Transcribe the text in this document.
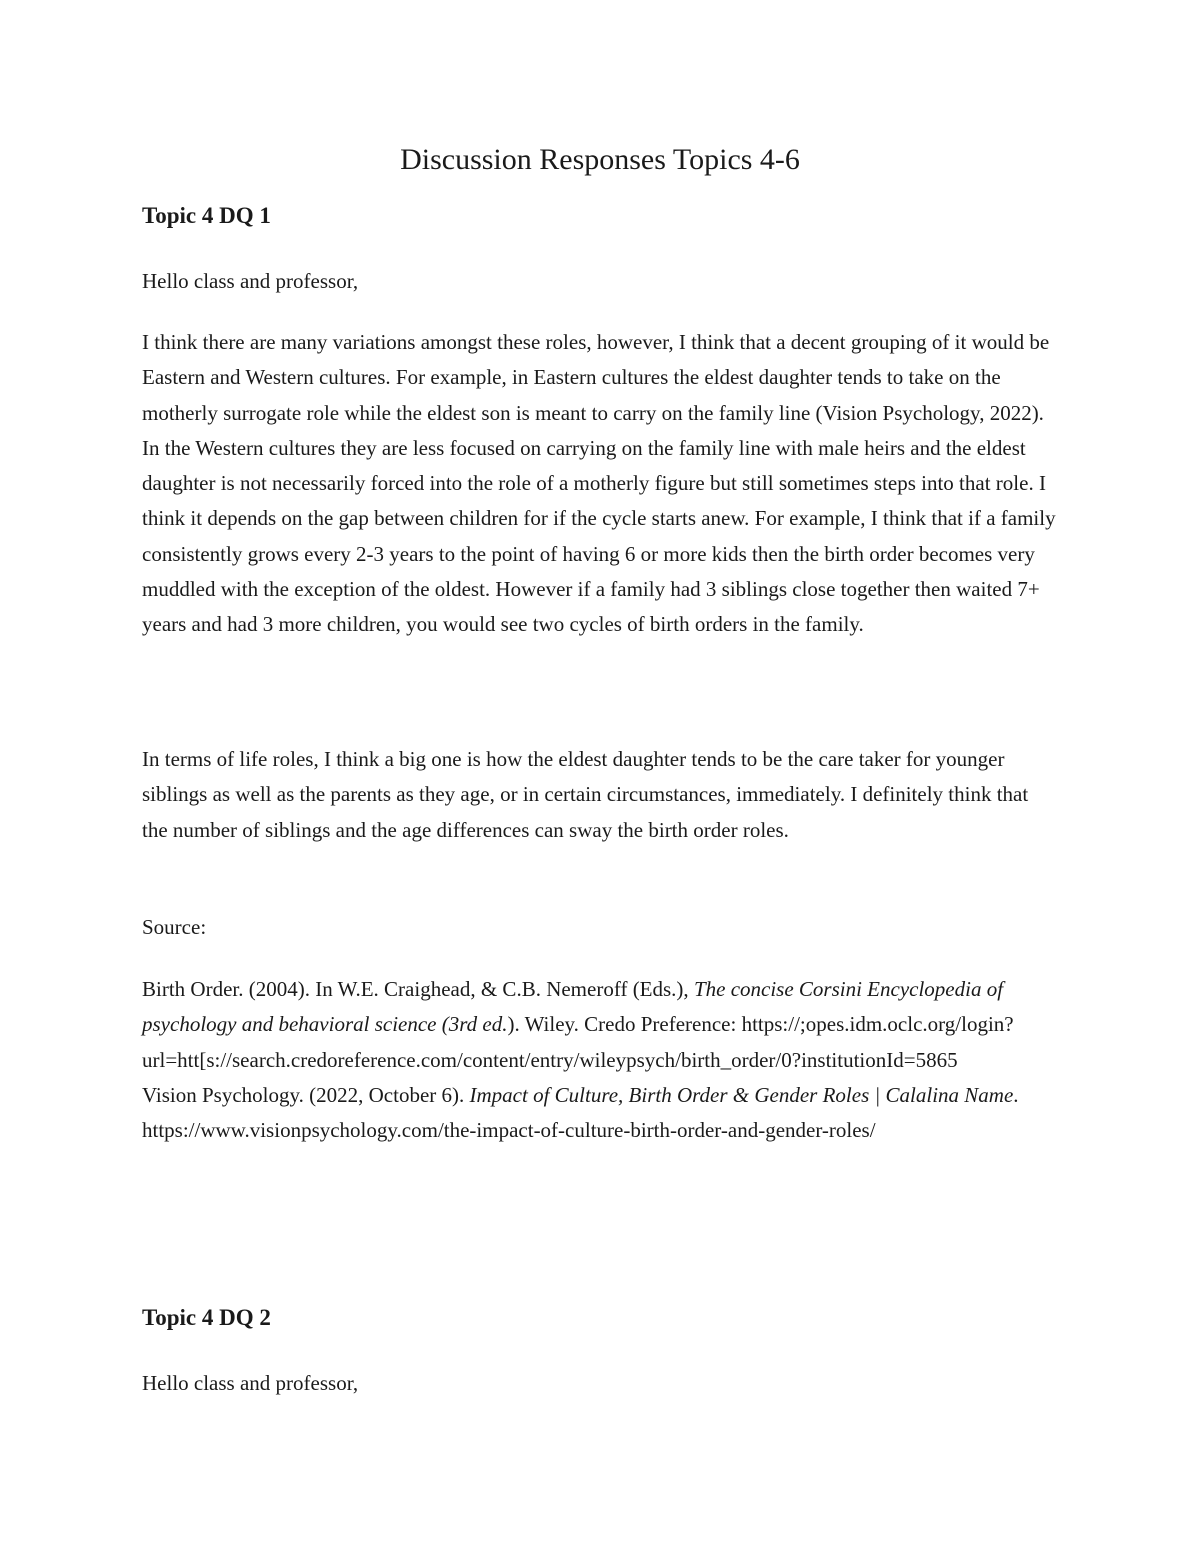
Discussion Responses Topics 4-6

Topic 4 DQ 1

Hello class and professor,

I think there are many variations amongst these roles, however, I think that a decent grouping of it would be Eastern and Western cultures. For example, in Eastern cultures the eldest daughter tends to take on the motherly surrogate role while the eldest son is meant to carry on the family line (Vision Psychology, 2022). In the Western cultures they are less focused on carrying on the family line with male heirs and the eldest daughter is not necessarily forced into the role of a motherly figure but still sometimes steps into that role. I think it depends on the gap between children for if the cycle starts anew. For example, I think that if a family consistently grows every 2-3 years to the point of having 6 or more kids then the birth order becomes very muddled with the exception of the oldest. However if a family had 3 siblings close together then waited 7+ years and had 3 more children, you would see two cycles of birth orders in the family.

In terms of life roles, I think a big one is how the eldest daughter tends to be the care taker for younger siblings as well as the parents as they age, or in certain circumstances, immediately. I definitely think that the number of siblings and the age differences can sway the birth order roles.

Source:

Birth Order. (2004). In W.E. Craighead, & C.B. Nemeroff (Eds.), The concise Corsini Encyclopedia of psychology and behavioral science (3rd ed.). Wiley. Credo Preference: https://;opes.idm.oclc.org/login?url=htt[s://search.credoreference.com/content/entry/wileypsych/birth_order/0?institutionId=5865

Vision Psychology. (2022, October 6). Impact of Culture, Birth Order & Gender Roles | Calalina Name. https://www.visionpsychology.com/the-impact-of-culture-birth-order-and-gender-roles/

Topic 4 DQ 2

Hello class and professor,
